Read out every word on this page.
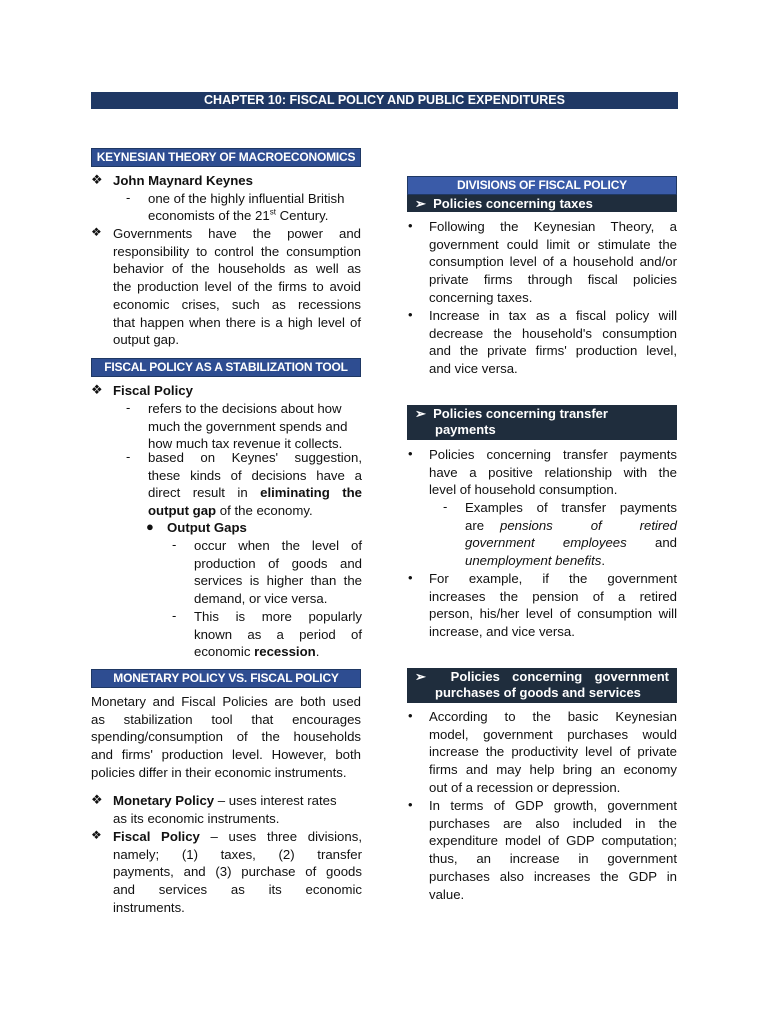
CHAPTER 10: FISCAL POLICY AND PUBLIC EXPENDITURES
KEYNESIAN THEORY OF MACROECONOMICS
❖ John Maynard Keynes
- one of the highly influential British
economists of the 21st Century.
❖ Governments have the power and
responsibility to control the consumption
behavior of the households as well as
the production level of the firms to avoid
economic crises, such as recessions
that happen when there is a high level of
output gap.
FISCAL POLICY AS A STABILIZATION TOOL
❖ Fiscal Policy
- refers to the decisions about how
much the government spends and
how much tax revenue it collects.
- based on Keynes' suggestion,
these kinds of decisions have a
direct result in eliminating the
output gap of the economy.
● Output Gaps
- occur when the level of
production of goods and
services is higher than the
demand, or vice versa.
- This is more popularly
known as a period of
economic recession.
MONETARY POLICY VS. FISCAL POLICY
Monetary and Fiscal Policies are both used
as stabilization tool that encourages
spending/consumption of the households
and firms' production level. However, both
policies differ in their economic instruments.
❖ Monetary Policy – uses interest rates
as its economic instruments.
❖ Fiscal Policy – uses three divisions,
namely; (1) taxes, (2) transfer
payments, and (3) purchase of goods
and services as its economic
instruments.
DIVISIONS OF FISCAL POLICY
➢ Policies concerning taxes
• Following the Keynesian Theory, a
government could limit or stimulate the
consumption level of a household and/or
private firms through fiscal policies
concerning taxes.
• Increase in tax as a fiscal policy will
decrease the household's consumption
and the private firms' production level,
and vice versa.
➢ Policies concerning transfer
payments
• Policies concerning transfer payments
have a positive relationship with the
level of household consumption.
- Examples of transfer payments
are pensions of retired
government employees and
unemployment benefits.
• For example, if the government
increases the pension of a retired
person, his/her level of consumption will
increase, and vice versa.
➢ Policies concerning government
purchases of goods and services
• According to the basic Keynesian
model, government purchases would
increase the productivity level of private
firms and may help bring an economy
out of a recession or depression.
• In terms of GDP growth, government
purchases are also included in the
expenditure model of GDP computation;
thus, an increase in government
purchases also increases the GDP in
value.
